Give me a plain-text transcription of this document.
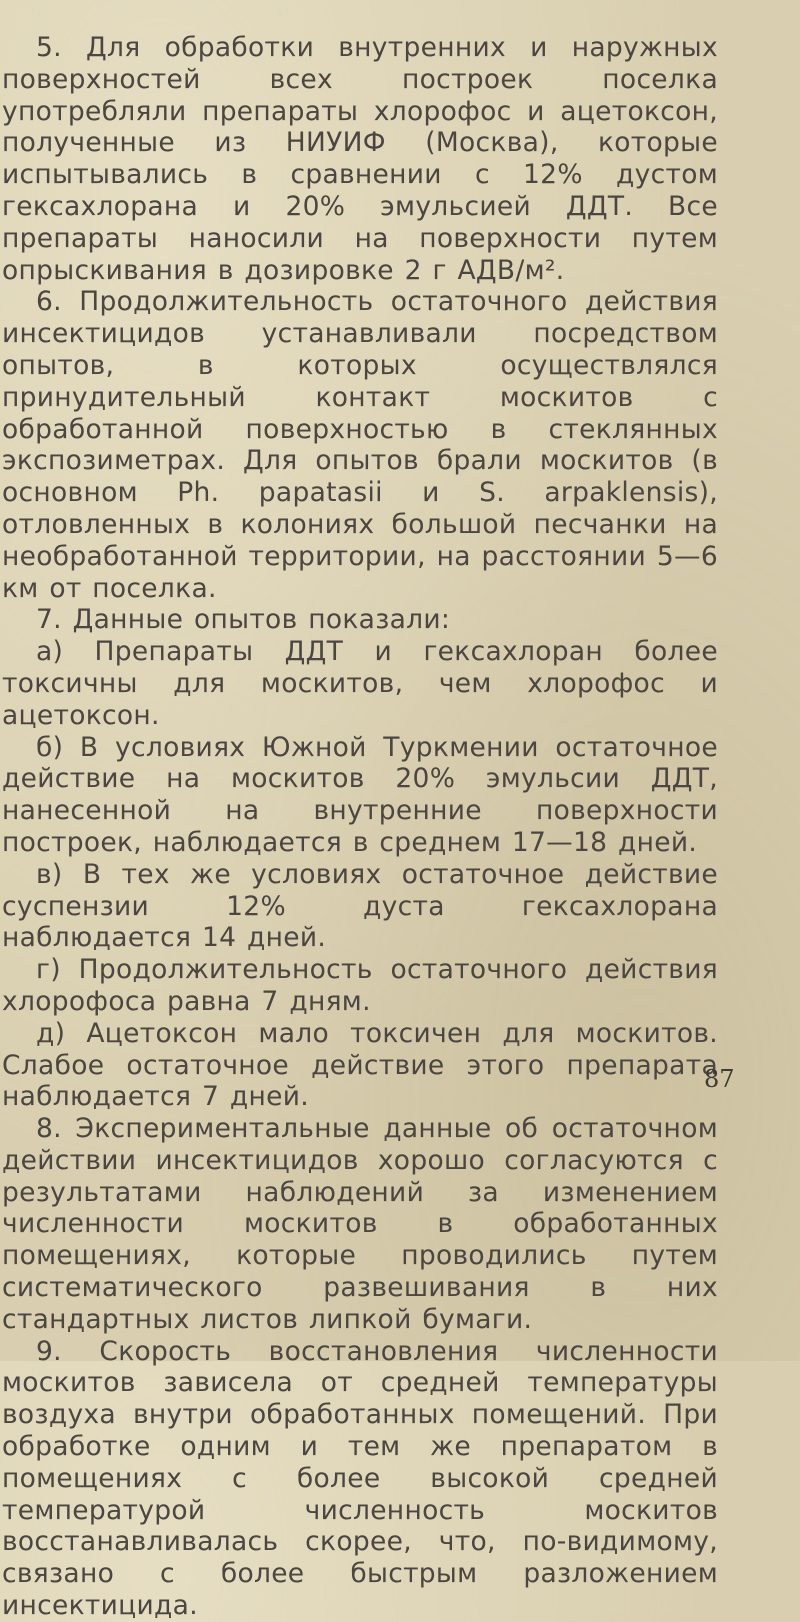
5. Для обработки внутренних и наружных поверхностей всех построек поселка употребляли препараты хлорофос и ацетоксон, полученные из НИУИФ (Москва), которые испытывались в сравнении с 12% дустом гексахлорана и 20% эмульсией ДДТ. Все препараты наносили на поверхности путем опрыскивания в дозировке 2 г АДВ/м².

6. Продолжительность остаточного действия инсектицидов устанавливали посредством опытов, в которых осуществлялся принудительный контакт москитов с обработанной поверхностью в стеклянных экспозиметрах. Для опытов брали москитов (в основном Ph. papatasii и S. arpaklensis), отловленных в колониях большой песчанки на необработанной территории, на расстоянии 5—6 км от поселка.

7. Данные опытов показали:

а) Препараты ДДТ и гексахлоран более токсичны для москитов, чем хлорофос и ацетоксон.

б) В условиях Южной Туркмении остаточное действие на москитов 20% эмульсии ДДТ, нанесенной на внутренние поверхности построек, наблюдается в среднем 17—18 дней.

в) В тех же условиях остаточное действие суспензии 12% дуста гексахлорана наблюдается 14 дней.

г) Продолжительность остаточного действия хлорофоса равна 7 дням.

д) Ацетоксон мало токсичен для москитов. Слабое остаточное действие этого препарата наблюдается 7 дней.

8. Экспериментальные данные об остаточном действии инсектицидов хорошо согласуются с результатами наблюдений за изменением численности москитов в обработанных помещениях, которые проводились путем систематического развешивания в них стандартных листов липкой бумаги.

9. Скорость восстановления численности москитов зависела от средней температуры воздуха внутри обработанных помещений. При обработке одним и тем же препаратом в помещениях с более высокой средней температурой численность москитов восстанавливалась скорее, что, по-видимому, связано с более быстрым разложением инсектицида.

87
